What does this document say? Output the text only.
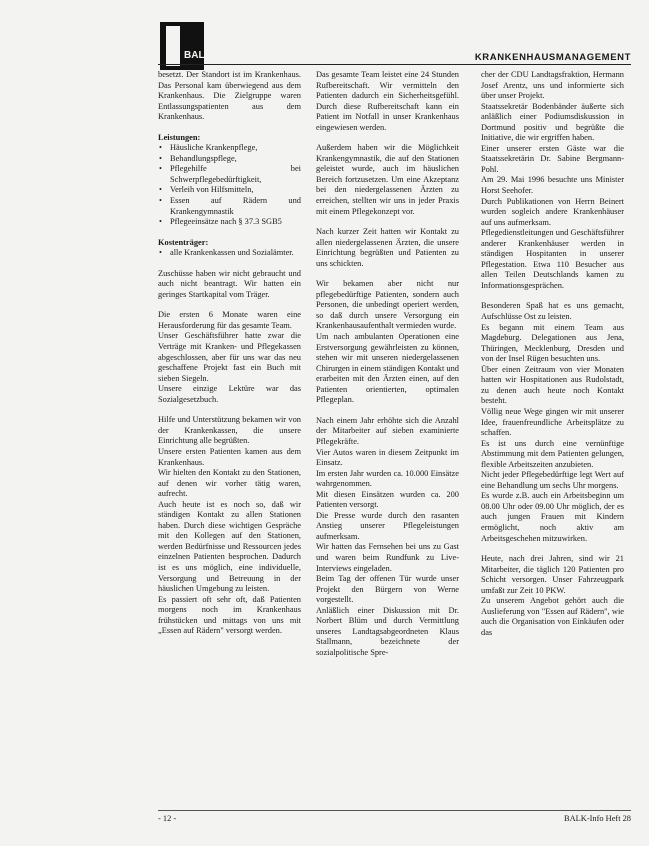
BALK	KRANKENHAUSMANAGEMENT

besetzt. Der Standort ist im Krankenhaus. Das Personal kam überwiegend aus dem Krankenhaus. Die Zielgruppe waren Entlassungspatienten aus dem Krankenhaus.

Leistungen:
• Häusliche Krankenpflege,
• Behandlungspflege,
• Pflegehilfe bei Schwerpflegebedürftigkeit,
• Verleih von Hilfsmitteln,
• Essen auf Rädern und Krankengymnastik
• Pflegeeinsätze nach § 37.3 SGB5
Kostenträger:
• alle Krankenkassen und Sozialämter.

Zuschüsse haben wir nicht gebraucht und auch nicht beantragt. Wir hatten ein geringes Startkapital vom Träger.

Die ersten 6 Monate waren eine Herausforderung für das gesamte Team.

Unser Geschäftsführer hatte zwar die Verträge mit Kranken- und Pflegekassen abgeschlossen, aber für uns war das neu geschaffene Projekt fast ein Buch mit sieben Siegeln.

Unsere einzige Lektüre war das Sozialgesetzbuch.

Hilfe und Unterstützung bekamen wir von der Krankenkassen, die unsere Einrichtung alle begrüßten.

Unsere ersten Patienten kamen aus dem Krankenhaus.

Wir hielten den Kontakt zu den Stationen, auf denen wir vorher tätig waren, aufrecht.

Auch heute ist es noch so, daß wir ständigen Kontakt zu allen Stationen haben. Durch diese wichtigen Gespräche mit den Kollegen auf den Stationen, werden Bedürfnisse und Ressourcen jedes einzelnen Patienten besprochen. Dadurch ist es uns möglich, eine individuelle, Versorgung und Betreuung in der häuslichen Umgebung zu leisten.

Es passiert oft sehr oft, daß Patienten morgens noch im Krankenhaus frühstücken und mittags von uns mit „Essen auf Rädern" versorgt werden.

Das gesamte Team leistet eine 24 Stunden Rufbereitschaft. Wir vermitteln den Patienten dadurch ein Sicherheitsgefühl. Durch diese Rufbereitschaft kann ein Patient im Notfall in unser Krankenhaus eingewiesen werden.

Außerdem haben wir die Möglichkeit Krankengymnastik, die auf den Stationen geleistet wurde, auch im häuslichen Bereich fortzusetzen. Um eine Akzeptanz bei den niedergelassenen Ärzten zu erreichen, stellten wir uns in jeder Praxis mit einem Pflegekonzept vor.

Nach kurzer Zeit hatten wir Kontakt zu allen niedergelassenen Ärzten, die unsere Einrichtung begrüßten und Patienten zu uns schickten.

Wir bekamen aber nicht nur pflegebedürftige Patienten, sondern auch Personen, die unbedingt operiert werden, so daß durch unsere Versorgung ein Krankenhausaufenthalt vermieden wurde.

Um nach ambulanten Operationen eine Erstversorgung gewährleisten zu können, stehen wir mit unseren niedergelassenen Chirurgen in einem ständigen Kontakt und erarbeiten mit den Ärzten einen, auf den Patienten orientierten, optimalen Pflegeplan.

Nach einem Jahr erhöhte sich die Anzahl der Mitarbeiter auf sieben examinierte Pflegekräfte.

Vier Autos waren in diesem Zeitpunkt im Einsatz.

Im ersten Jahr wurden ca. 10.000 Einsätze wahrgenommen.

Mit diesen Einsätzen wurden ca. 200 Patienten versorgt.

Die Presse wurde durch den rasanten Anstieg unserer Pflegeleistungen aufmerksam.

Wir hatten das Fernsehen bei uns zu Gast und waren beim Rundfunk zu Live-Interviews eingeladen.

Beim Tag der offenen Tür wurde unser Projekt den Bürgern von Werne vorgestellt.

Anläßlich einer Diskussion mit Dr. Norbert Blüm und durch Vermittlung unseres Landtagsabgeordneten Klaus Stallmann, bezeichnete der sozialpolitische Spre-

cher der CDU Landtagsfraktion, Hermann Josef Arentz, uns und informierte sich über unser Projekt.

Staatssekretär Bodenbänder äußerte sich anläßlich einer Podiumsdiskussion in Dortmund positiv und begrüßte die Initiative, die wir ergriffen haben.

Einer unserer ersten Gäste war die Staatssekretärin Dr. Sabine Bergmann-Pohl.

Am 29. Mai 1996 besuchte uns Minister Horst Seehofer.

Durch Publikationen von Herrn Beinert wurden sogleich andere Krankenhäuser auf uns aufmerksam.

Pflegedienstleitungen und Geschäftsführer anderer Krankenhäuser werden in ständigen Hospitanten in unserer Pflegestation. Etwa 110 Besucher aus allen Teilen Deutschlands kamen zu Informationsgesprächen.

Besonderen Spaß hat es uns gemacht, Aufschlüsse Ost zu leisten.

Es begann mit einem Team aus Magdeburg. Delegationen aus Jena, Thüringen, Mecklenburg, Dresden und von der Insel Rügen besuchten uns.

Über einen Zeitraum von vier Monaten hatten wir Hospitationen aus Rudolstadt, zu denen auch heute noch Kontakt besteht.

Völlig neue Wege gingen wir mit unserer Idee, frauenfreundliche Arbeitsplätze zu schaffen.

Es ist uns durch eine vernünftige Abstimmung mit dem Patienten gelungen, flexible Arbeitszeiten anzubieten.

Nicht jeder Pflegebedürftige legt Wert auf eine Behandlung um sechs Uhr morgens.

Es wurde z.B. auch ein Arbeitsbeginn um 08.00 Uhr oder 09.00 Uhr möglich, der es auch jungen Frauen mit Kindern ermöglicht, noch aktiv am Arbeitsgeschehen mitzuwirken.

Heute, nach drei Jahren, sind wir 21 Mitarbeiter, die täglich 120 Patienten pro Schicht versorgen. Unser Fahrzeugpark umfaßt zur Zeit 10 PKW.

Zu unserem Angebot gehört auch die Auslieferung von "Essen auf Rädern", wie auch die Organisation von Einkäufen oder das

- 12 -	BALK-Info Heft 28
